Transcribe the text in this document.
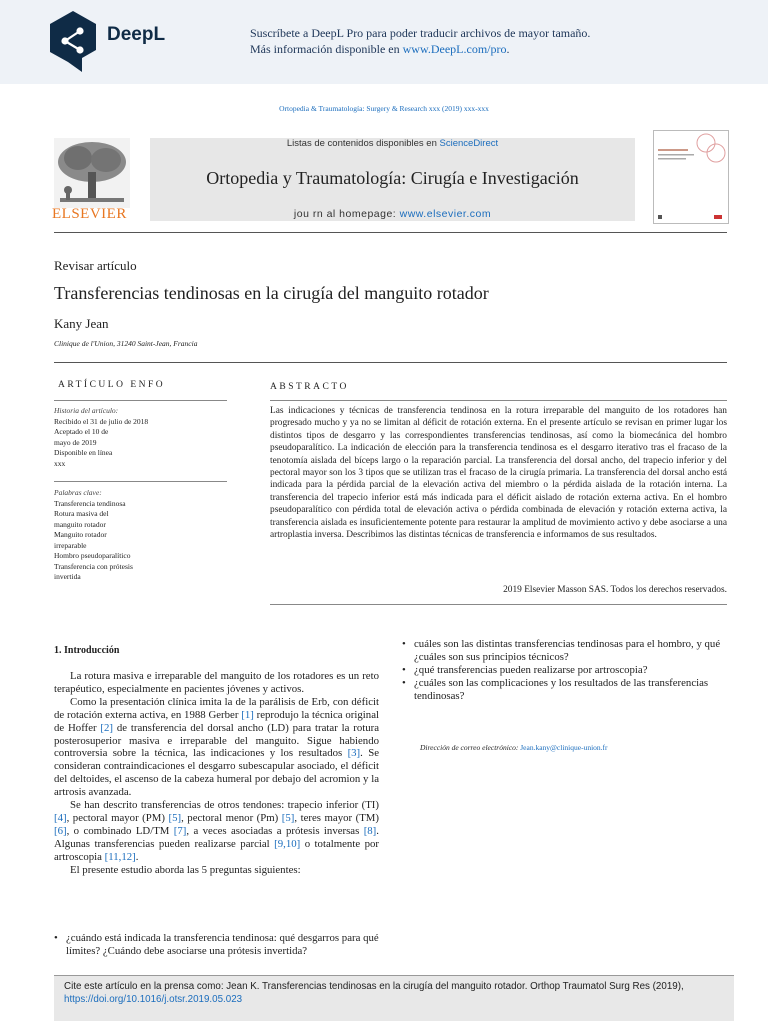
DeepL	Suscríbete a DeepL Pro para poder traducir archivos de mayor tamaño.
Más información disponible en www.DeepL.com/pro.
Ortopedia & Traumatología: Surgery & Research xxx (2019) xxx-xxx
ELSEVIER
Listas de contenidos disponibles en ScienceDirect
Ortopedia y Traumatología: Cirugía e Investigación
jou rn al homepage: www.elsevier.com
Revisar artículo
Transferencias tendinosas en la cirugía del manguito rotador
Kany Jean
Clinique de l'Union, 31240 Saint-Jean, Francia
ARTÍCULO ENFO
Historia del artículo:
Recibido el 31 de julio de 2018
Aceptado el 10 de
mayo de 2019
Disponible en línea
xxx
Palabras clave:
Transferencia tendinosa
Rotura masiva del
manguito rotador
Manguito rotador
irreparable
Hombro pseudoparalítico
Transferencia con prótesis
invertida
ABSTRACTO
Las indicaciones y técnicas de transferencia tendinosa en la rotura irreparable del manguito de los rotadores han progresado mucho y ya no se limitan al déficit de rotación externa. En el presente artículo se revisan en primer lugar los distintos tipos de desgarro y las correspondientes transferencias tendinosas, así como la biomecánica del hombro pseudoparalítico. La indicación de elección para la transferencia tendinosa es el desgarro iterativo tras el fracaso de la tenotomía aislada del bíceps largo o la reparación parcial. La transferencia del dorsal ancho, del trapecio inferior y del pectoral mayor son los 3 tipos que se utilizan tras el fracaso de la cirugía primaria. La transferencia del dorsal ancho está indicada para la pérdida parcial de la elevación activa del miembro o la pérdida aislada de la rotación interna. La transferencia del trapecio inferior está más indicada para el déficit aislado de rotación externa activa. En el hombro pseudoparalítico con pérdida total de elevación activa o pérdida combinada de elevación y rotación externa activa, la transferencia aislada es insuficientemente potente para restaurar la amplitud de movimiento activo y debe asociarse a una artroplastia inversa. Describimos las distintas técnicas de transferencia e informamos de sus resultados.
2019 Elsevier Masson SAS. Todos los derechos reservados.
1. Introducción

La rotura masiva e irreparable del manguito de los rotadores es un reto terapéutico, especialmente en pacientes jóvenes y activos.

Como la presentación clínica imita la de la parálisis de Erb, con déficit de rotación externa activa, en 1988 Gerber [1] reprodujo la técnica original de Hoffer [2] de transferencia del dorsal ancho (LD) para tratar la rotura posterosuperior masiva e irreparable del manguito. Sigue habiendo controversia sobre la técnica, las indicaciones y los resultados [3]. Se consideran contraindicaciones el desgarro subescapular asociado, el déficit del deltoides, el ascenso de la cabeza humeral por debajo del acromion y la artrosis avanzada.

Se han descrito transferencias de otros tendones: trapecio inferior (TI) [4], pectoral mayor (PM) [5], pectoral menor (Pm) [5], teres mayor (TM) [6], o combinado LD/TM [7], a veces asociadas a prótesis inversas [8]. Algunas transferencias pueden realizarse parcial [9,10] o totalmente por artroscopia [11,12].

El presente estudio aborda las 5 preguntas siguientes:

• ¿cuándo está indicada la transferencia tendinosa: qué desgarros para qué límites? ¿Cuándo debe asociarse una prótesis invertida?
• cuáles son las distintas transferencias tendinosas para el hombro, y qué
¿cuáles son sus principios técnicos?
• ¿qué transferencias pueden realizarse por artroscopia?
• ¿cuáles son las complicaciones y los resultados de las transferencias tendinosas?
Dirección de correo electrónico: Jean.kany@clinique-union.fr
Cite este artículo en la prensa como: Jean K. Transferencias tendinosas en la cirugía del manguito rotador. Orthop Traumatol Surg Res (2019), https://doi.org/10.1016/j.otsr.2019.05.023
